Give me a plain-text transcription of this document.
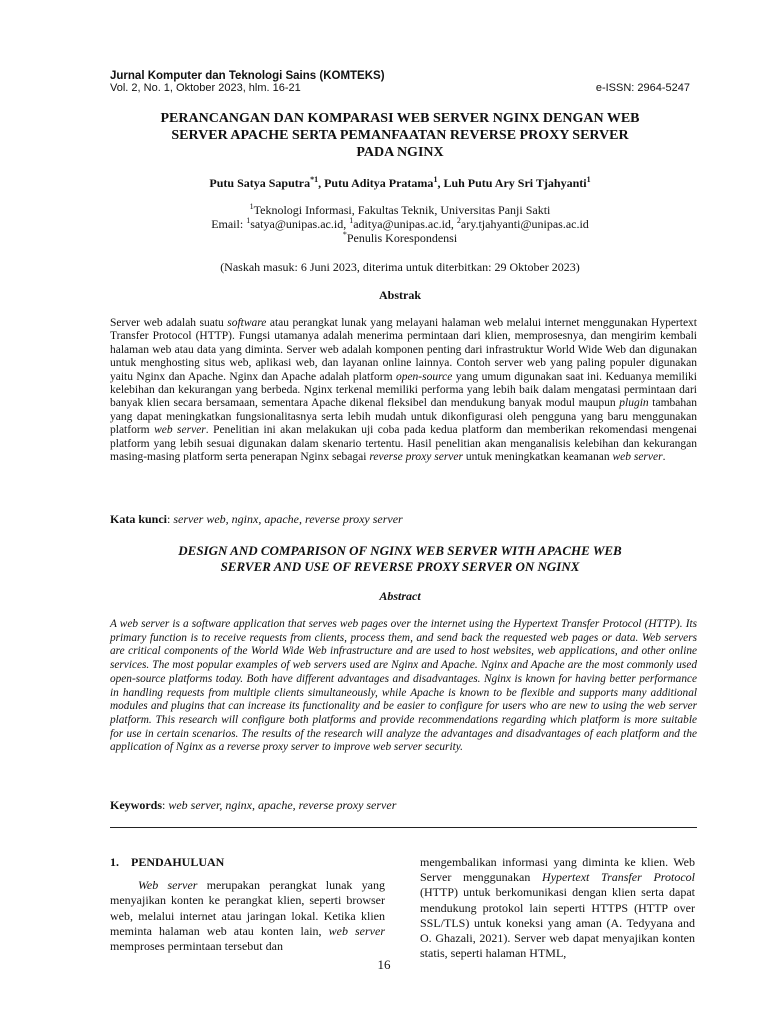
Jurnal Komputer dan Teknologi Sains (KOMTEKS)
Vol. 2, No. 1, Oktober 2023, hlm. 16-21	e-ISSN: 2964-5247
PERANCANGAN DAN KOMPARASI WEB SERVER NGINX DENGAN WEB
SERVER APACHE SERTA PEMANFAATAN REVERSE PROXY SERVER
PADA NGINX
Putu Satya Saputra$^{*1}$, Putu Aditya Pratama$^1$, Luh Putu Ary Sri Tjahyanti$^1$
$^1$Teknologi Informasi, Fakultas Teknik, Universitas Panji Sakti
Email: $^1$satya@unipas.ac.id, $^1$aditya@unipas.ac.id, $^2$ary.tjahyanti@unipas.ac.id
*Penulis Korespondensi
(Naskah masuk: 6 Juni 2023, diterima untuk diterbitkan: 29 Oktober 2023)
Abstrak
Server web adalah suatu software atau perangkat lunak yang melayani halaman web melalui internet menggunakan Hypertext Transfer Protocol (HTTP). Fungsi utamanya adalah menerima permintaan dari klien, memprosesnya, dan mengirim kembali halaman web atau data yang diminta. Server web adalah komponen penting dari infrastruktur World Wide Web dan digunakan untuk menghosting situs web, aplikasi web, dan layanan online lainnya. Contoh server web yang paling populer digunakan yaitu Nginx dan Apache. Nginx dan Apache adalah platform open-source yang umum digunakan saat ini. Keduanya memiliki kelebihan dan kekurangan yang berbeda. Nginx terkenal memiliki performa yang lebih baik dalam mengatasi permintaan dari banyak klien secara bersamaan, sementara Apache dikenal fleksibel dan mendukung banyak modul maupun plugin tambahan yang dapat meningkatkan fungsionalitasnya serta lebih mudah untuk dikonfigurasi oleh pengguna yang baru menggunakan platform web server. Penelitian ini akan melakukan uji coba pada kedua platform dan memberikan rekomendasi mengenai platform yang lebih sesuai digunakan dalam skenario tertentu. Hasil penelitian akan menganalisis kelebihan dan kekurangan masing-masing platform serta penerapan Nginx sebagai reverse proxy server untuk meningkatkan keamanan web server.
Kata kunci: server web, nginx, apache, reverse proxy server
DESIGN AND COMPARISON OF NGINX WEB SERVER WITH APACHE WEB
SERVER AND USE OF REVERSE PROXY SERVER ON NGINX
Abstract
A web server is a software application that serves web pages over the internet using the Hypertext Transfer Protocol (HTTP). Its primary function is to receive requests from clients, process them, and send back the requested web pages or data. Web servers are critical components of the World Wide Web infrastructure and are used to host websites, web applications, and other online services. The most popular examples of web servers used are Nginx and Apache. Nginx and Apache are the most commonly used open-source platforms today. Both have different advantages and disadvantages. Nginx is known for having better performance in handling requests from multiple clients simultaneously, while Apache is known to be flexible and supports many additional modules and plugins that can increase its functionality and be easier to configure for users who are new to using the web server platform. This research will configure both platforms and provide recommendations regarding which platform is more suitable for use in certain scenarios. The results of the research will analyze the advantages and disadvantages of each platform and the application of Nginx as a reverse proxy server to improve web server security.
Keywords: web server, nginx, apache, reverse proxy server

1.    PENDAHULUAN

Web server merupakan perangkat lunak yang menyajikan konten ke perangkat klien, seperti browser web, melalui internet atau jaringan lokal. Ketika klien meminta halaman web atau konten lain, web server memproses permintaan tersebut dan

mengembalikan informasi yang diminta ke klien. Web Server menggunakan Hypertext Transfer Protocol (HTTP) untuk berkomunikasi dengan klien serta dapat mendukung protokol lain seperti HTTPS (HTTP over SSL/TLS) untuk koneksi yang aman (A. Tedyyana and O. Ghazali, 2021). Server web dapat menyajikan konten statis, seperti halaman HTML,

16
